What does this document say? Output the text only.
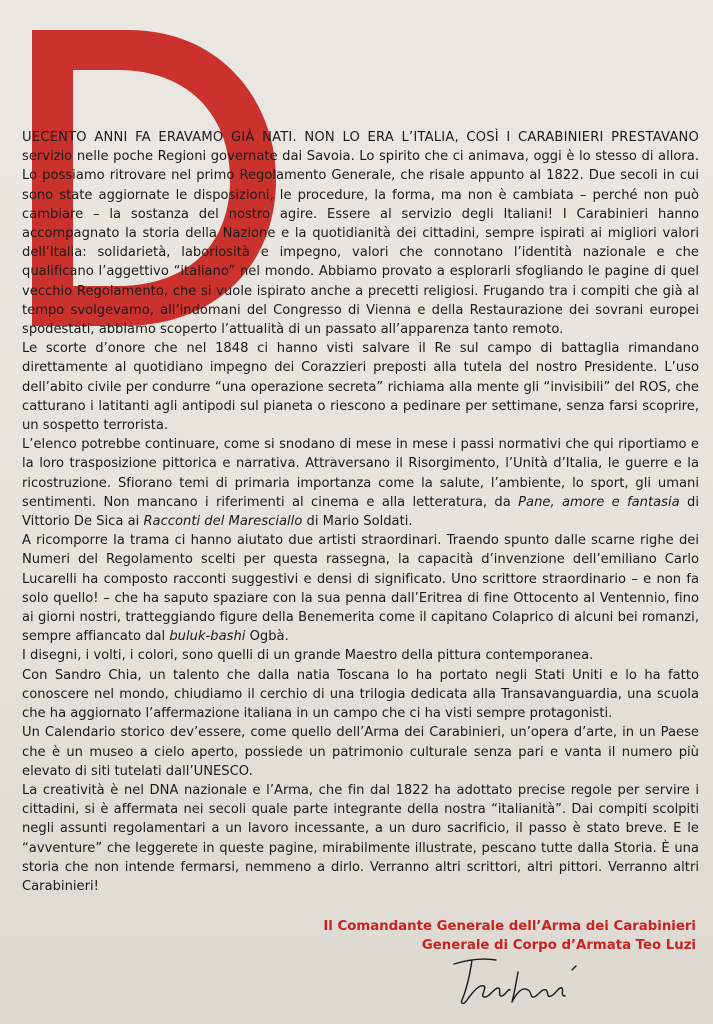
UECENTO ANNI FA ERAVAMO GIÀ NATI. NON LO ERA L’ITALIA, COSÌ I CARABINIERI PRESTAVANO servizio nelle poche Regioni governate dai Savoia. Lo spirito che ci animava, oggi è lo stesso di allora. Lo possiamo ritrovare nel primo Regolamento Generale, che risale appunto al 1822. Due secoli in cui sono state aggiornate le disposizioni, le procedure, la forma, ma non è cambiata – perché non può cambiare – la sostanza del nostro agire. Essere al servizio degli Italiani! I Carabinieri hanno accompagnato la storia della Nazione e la quotidianità dei cittadini, sempre ispirati ai migliori valori dell’Italia: solidarietà, laboriosità e impegno, valori che connotano l’identità nazionale e che qualificano l’aggettivo “italiano” nel mondo. Abbiamo provato a esplorarli sfogliando le pagine di quel vecchio Regolamento, che si vuole ispirato anche a precetti religiosi. Frugando tra i compiti che già al tempo svolgevamo, all’indomani del Congresso di Vienna e della Restaurazione dei sovrani europei spodestati, abbiamo scoperto l’attualità di un passato all’apparenza tanto remoto.

Le scorte d’onore che nel 1848 ci hanno visti salvare il Re sul campo di battaglia rimandano direttamente al quotidiano impegno dei Corazzieri preposti alla tutela del nostro Presidente. L’uso dell’abito civile per condurre “una operazione secreta” richiama alla mente gli “invisibili” del ROS, che catturano i latitanti agli antipodi sul pianeta o riescono a pedinare per settimane, senza farsi scoprire, un sospetto terrorista.

L’elenco potrebbe continuare, come si snodano di mese in mese i passi normativi che qui riportiamo e la loro trasposizione pittorica e narrativa. Attraversano il Risorgimento, l’Unità d’Italia, le guerre e la ricostruzione. Sfiorano temi di primaria importanza come la salute, l’ambiente, lo sport, gli umani sentimenti. Non mancano i riferimenti al cinema e alla letteratura, da Pane, amore e fantasia di Vittorio De Sica ai Racconti del Maresciallo di Mario Soldati.

A ricomporre la trama ci hanno aiutato due artisti straordinari. Traendo spunto dalle scarne righe dei Numeri del Regolamento scelti per questa rassegna, la capacità d’invenzione dell’emiliano Carlo Lucarelli ha composto racconti suggestivi e densi di significato. Uno scrittore straordinario – e non fa solo quello! – che ha saputo spaziare con la sua penna dall’Eritrea di fine Ottocento al Ventennio, fino ai giorni nostri, tratteggiando figure della Benemerita come il capitano Colaprico di alcuni bei romanzi, sempre affiancato dal buluk-bashi Ogbà.

I disegni, i volti, i colori, sono quelli di un grande Maestro della pittura contemporanea.

Con Sandro Chia, un talento che dalla natia Toscana lo ha portato negli Stati Uniti e lo ha fatto conoscere nel mondo, chiudiamo il cerchio di una trilogia dedicata alla Transavanguardia, una scuola che ha aggiornato l’affermazione italiana in un campo che ci ha visti sempre protagonisti.

Un Calendario storico dev’essere, come quello dell’Arma dei Carabinieri, un’opera d’arte, in un Paese che è un museo a cielo aperto, possiede un patrimonio culturale senza pari e vanta il numero più elevato di siti tutelati dall’UNESCO.

La creatività è nel DNA nazionale e l’Arma, che fin dal 1822 ha adottato precise regole per servire i cittadini, si è affermata nei secoli quale parte integrante della nostra “italianità”. Dai compiti scolpiti negli assunti regolamentari a un lavoro incessante, a un duro sacrificio, il passo è stato breve. E le “avventure” che leggerete in queste pagine, mirabilmente illustrate, pescano tutte dalla Storia. È una storia che non intende fermarsi, nemmeno a dirlo. Verranno altri scrittori, altri pittori. Verranno altri Carabinieri!

Il Comandante Generale dell’Arma dei Carabinieri
Generale di Corpo d’Armata Teo Luzi
